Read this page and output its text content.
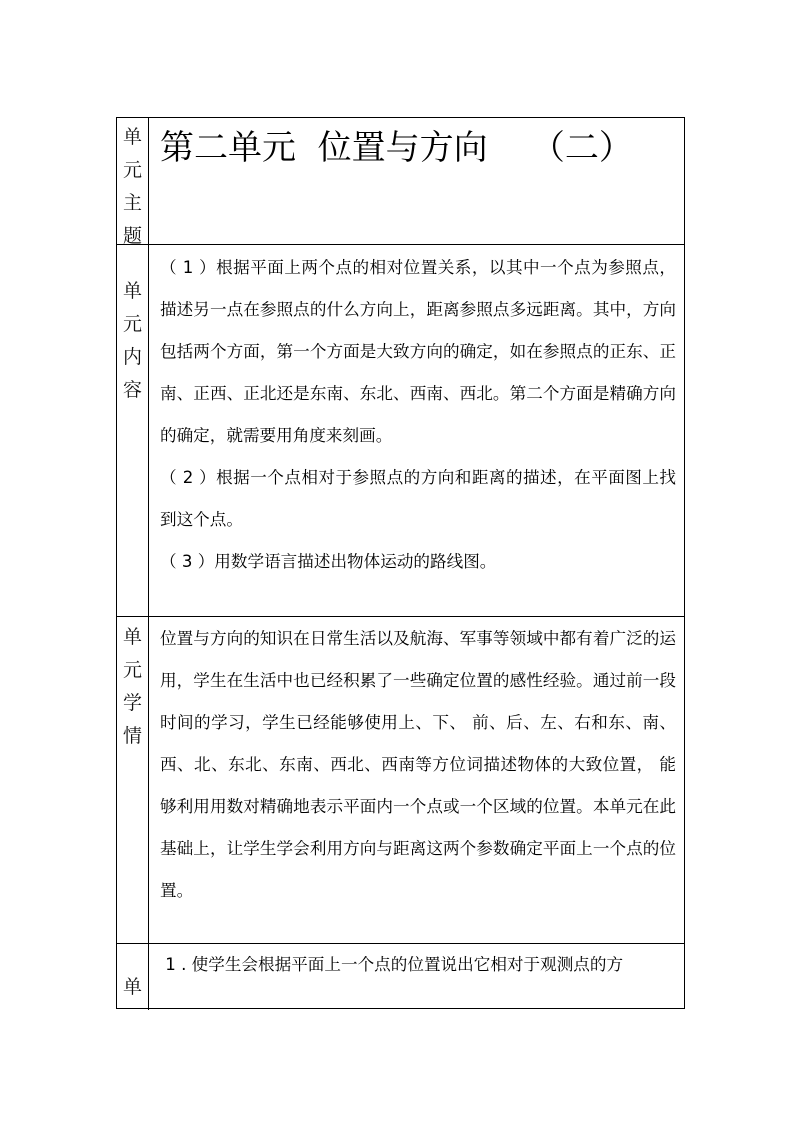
单
元
主
题
第二单元  位置与方向    （二）
单
元
内
容

（ 1 ）根据平面上两个点的相对位置关系，以其中一个点为参照点，描述另一点在参照点的什么方向上，距离参照点多远距离。其中，方向包括两个方面，第一个方面是大致方向的确定，如在参照点的正东、正南、正西、正北还是东南、东北、西南、西北。第二个方面是精确方向的确定，就需要用角度来刻画。

（ 2 ）根据一个点相对于参照点的方向和距离的描述，在平面图上找到这个点。

（ 3 ）用数学语言描述出物体运动的路线图。

单
元
学
情

位置与方向的知识在日常生活以及航海、军事等领域中都有着广泛的运用，学生在生活中也已经积累了一些确定位置的感性经验。通过前一段时间的学习，学生已经能够使用上、下、 前、后、左、右和东、南、西、北、东北、东南、西北、西南等方位词描述物体的大致位置， 能够利用用数对精确地表示平面内一个点或一个区域的位置。本单元在此基础上，让学生学会利用方向与距离这两个参数确定平面上一个点的位置。

单

1 . 使学生会根据平面上一个点的位置说出它相对于观测点的方
